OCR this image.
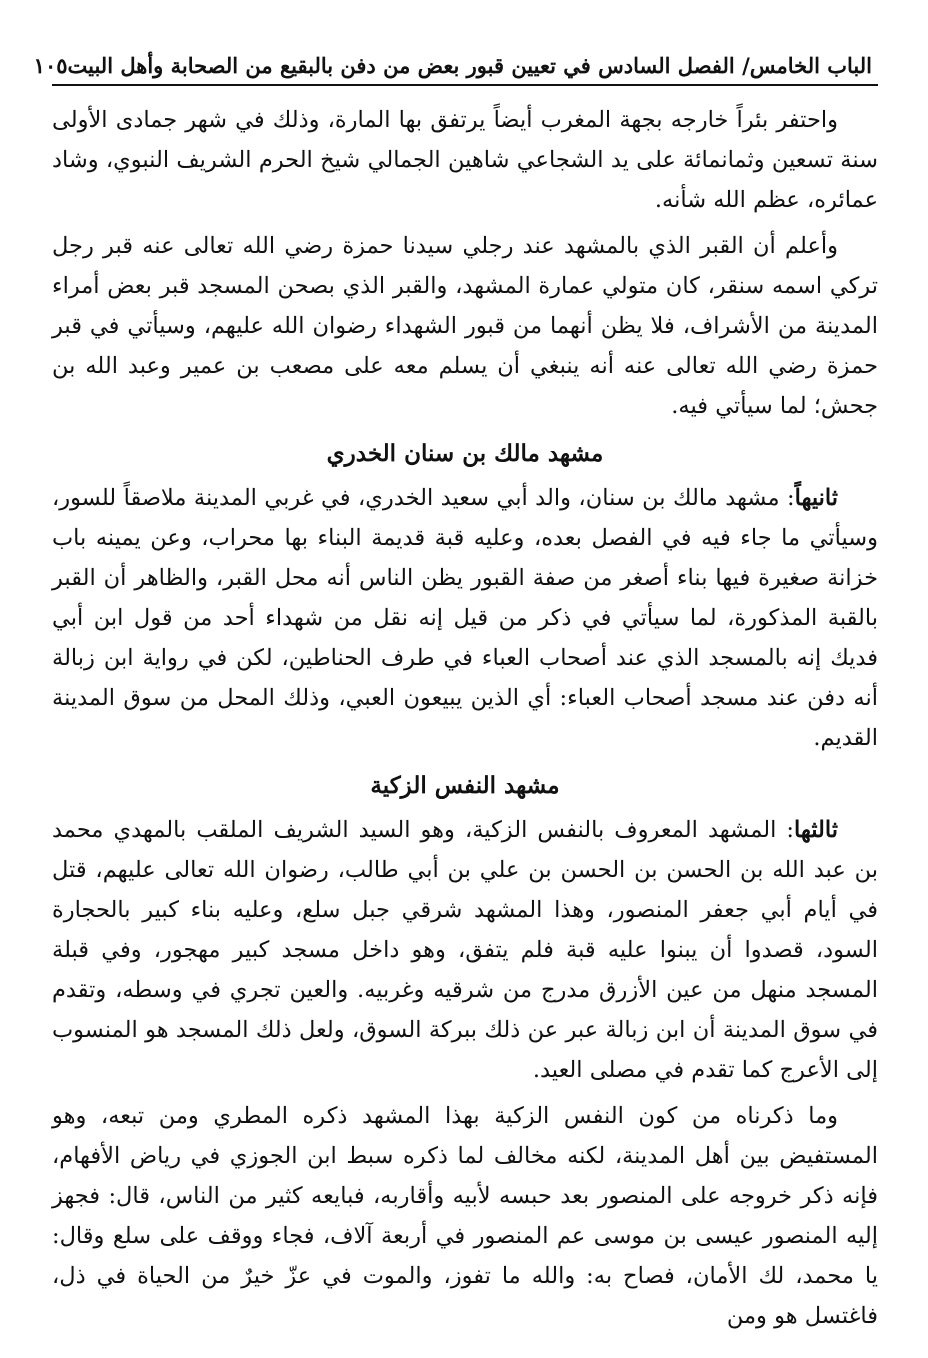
الباب الخامس/ الفصل السادس في تعيين قبور بعض من دفن بالبقيع من الصحابة وأهل البيت
١٠٥

واحتفر بئراً خارجه بجهة المغرب أيضاً يرتفق بها المارة، وذلك في شهر جمادى الأولى سنة تسعين وثمانمائة على يد الشجاعي شاهين الجمالي شيخ الحرم الشريف النبوي، وشاد عمائره، عظم الله شأنه.

وأعلم أن القبر الذي بالمشهد عند رجلي سيدنا حمزة رضي الله تعالى عنه قبر رجل تركي اسمه سنقر، كان متولي عمارة المشهد، والقبر الذي بصحن المسجد قبر بعض أمراء المدينة من الأشراف، فلا يظن أنهما من قبور الشهداء رضوان الله عليهم، وسيأتي في قبر حمزة رضي الله تعالى عنه أنه ينبغي أن يسلم معه على مصعب بن عمير وعبد الله بن جحش؛ لما سيأتي فيه.

مشهد مالك بن سنان الخدري

ثانيهاً: مشهد مالك بن سنان، والد أبي سعيد الخدري، في غربي المدينة ملاصقاً للسور، وسيأتي ما جاء فيه في الفصل بعده، وعليه قبة قديمة البناء بها محراب، وعن يمينه باب خزانة صغيرة فيها بناء أصغر من صفة القبور يظن الناس أنه محل القبر، والظاهر أن القبر بالقبة المذكورة، لما سيأتي في ذكر من قيل إنه نقل من شهداء أحد من قول ابن أبي فديك إنه بالمسجد الذي عند أصحاب العباء في طرف الحناطين، لكن في رواية ابن زبالة أنه دفن عند مسجد أصحاب العباء: أي الذين يبيعون العبي، وذلك المحل من سوق المدينة القديم.

مشهد النفس الزكية

ثالثها: المشهد المعروف بالنفس الزكية، وهو السيد الشريف الملقب بالمهدي محمد بن عبد الله بن الحسن بن الحسن بن علي بن أبي طالب، رضوان الله تعالى عليهم، قتل في أيام أبي جعفر المنصور، وهذا المشهد شرقي جبل سلع، وعليه بناء كبير بالحجارة السود، قصدوا أن يبنوا عليه قبة فلم يتفق، وهو داخل مسجد كبير مهجور، وفي قبلة المسجد منهل من عين الأزرق مدرج من شرقيه وغربيه. والعين تجري في وسطه، وتقدم في سوق المدينة أن ابن زبالة عبر عن ذلك ببركة السوق، ولعل ذلك المسجد هو المنسوب إلى الأعرج كما تقدم في مصلى العيد.

وما ذكرناه من كون النفس الزكية بهذا المشهد ذكره المطري ومن تبعه، وهو المستفيض بين أهل المدينة، لكنه مخالف لما ذكره سبط ابن الجوزي في رياض الأفهام، فإنه ذكر خروجه على المنصور بعد حبسه لأبيه وأقاربه، فبايعه كثير من الناس، قال: فجهز إليه المنصور عيسى بن موسى عم المنصور في أربعة آلاف، فجاء ووقف على سلع وقال: يا محمد، لك الأمان، فصاح به: والله ما تفوز، والموت في عزّ خيرٌ من الحياة في ذل، فاغتسل هو ومن
